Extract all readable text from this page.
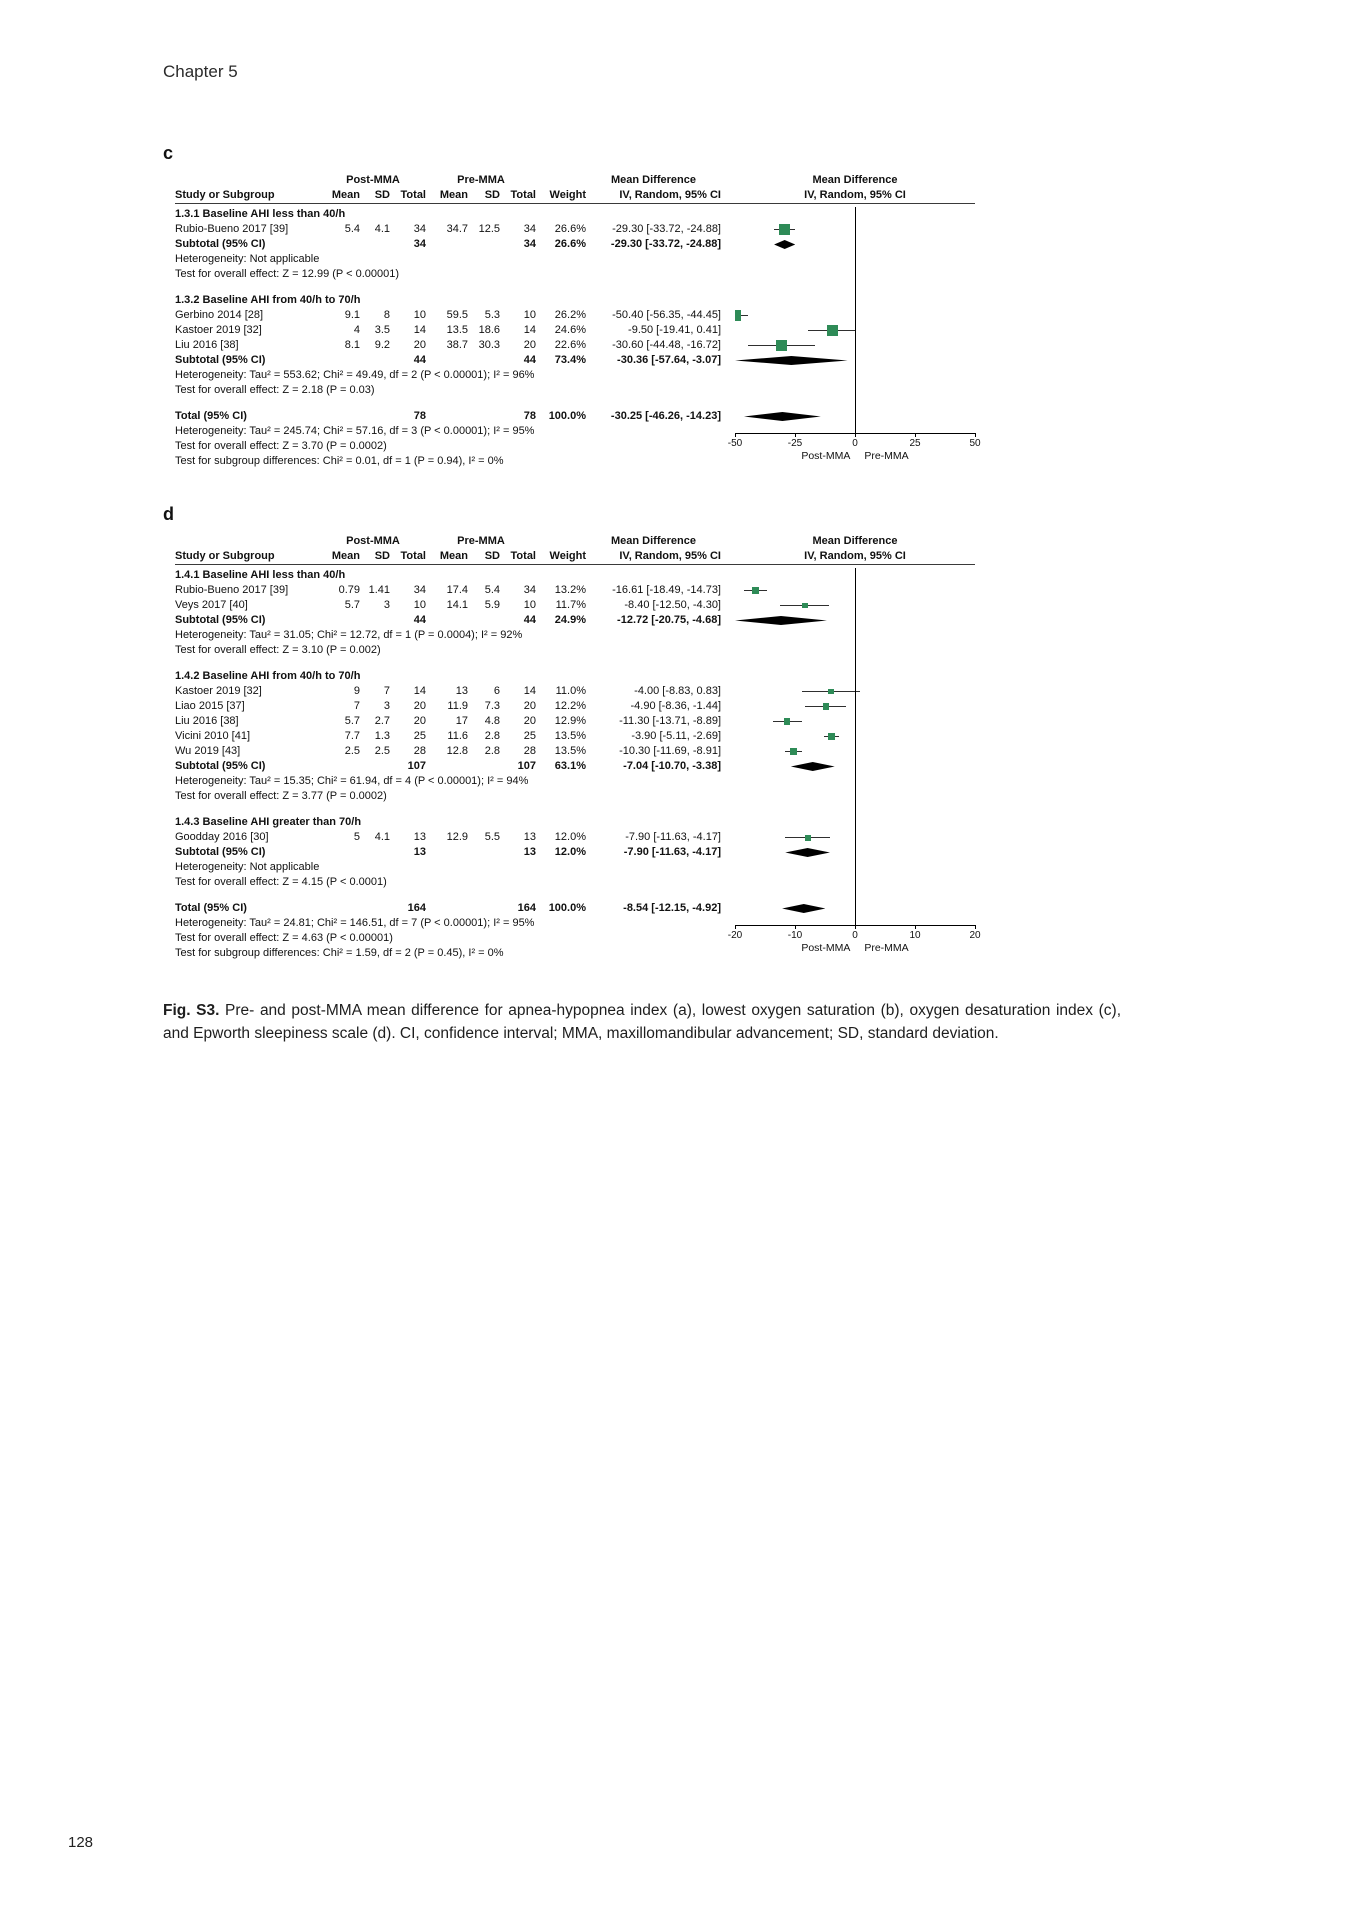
Chapter 5
c
Post-MMA	Pre-MMA	Mean Difference	Mean Difference
Study or Subgroup	Mean	SD Total	Mean	SD Total	Weight	IV, Random, 95% CI	IV, Random, 95% CI
1.3.1 Baseline AHI less than 40/h
Rubio-Bueno 2017 [39]	5.4	4.1	34	34.7 12.5	34	26.6%	-29.30 [-33.72, -24.88]
Subtotal (95% CI)	34	34	26.6%	-29.30 [-33.72, -24.88]
Heterogeneity: Not applicable
Test for overall effect: Z = 12.99 (P < 0.00001)
1.3.2 Baseline AHI from 40/h to 70/h
Gerbino 2014 [28]	9.1	8	10	59.5	5.3	10	26.2%	-50.40 [-56.35, -44.45]
Kastoer 2019 [32]	4	3.5	14	13.5 18.6	14	24.6%	-9.50 [-19.41, 0.41]
Liu 2016 [38]	8.1	9.2	20	38.7 30.3	20	22.6%	-30.60 [-44.48, -16.72]
Subtotal (95% CI)	44	44	73.4%	-30.36 [-57.64, -3.07]
Heterogeneity: Tau² = 553.62; Chi² = 49.49, df = 2 (P < 0.00001); I² = 96%
Test for overall effect: Z = 2.18 (P = 0.03)
Total (95% CI)	78	78	100.0%	-30.25 [-46.26, -14.23]
Heterogeneity: Tau² = 245.74; Chi² = 57.16, df = 3 (P < 0.00001); I² = 95%
Test for overall effect: Z = 3.70 (P = 0.0002)
Test for subgroup differences: Chi² = 0.01, df = 1 (P = 0.94), I² = 0%
-50	-25	0	25	50
Post-MMA Pre-MMA
d
Post-MMA	Pre-MMA	Mean Difference	Mean Difference
Study or Subgroup	Mean	SD Total	Mean	SD Total	Weight	IV, Random, 95% CI	IV, Random, 95% CI
1.4.1 Baseline AHI less than 40/h
Rubio-Bueno 2017 [39]	0.79 1.41	34	17.4	5.4	34	13.2%	-16.61 [-18.49, -14.73]
Veys 2017 [40]	5.7	3	10	14.1	5.9	10	11.7%	-8.40 [-12.50, -4.30]
Subtotal (95% CI)	44	44	24.9%	-12.72 [-20.75, -4.68]
Heterogeneity: Tau² = 31.05; Chi² = 12.72, df = 1 (P = 0.0004); I² = 92%
Test for overall effect: Z = 3.10 (P = 0.002)
1.4.2 Baseline AHI from 40/h to 70/h
Kastoer 2019 [32]	9	7	14	13	6	14	11.0%	-4.00 [-8.83, 0.83]
Liao 2015 [37]	7	3	20	11.9	7.3	20	12.2%	-4.90 [-8.36, -1.44]
Liu 2016 [38]	5.7	2.7	20	17	4.8	20	12.9%	-11.30 [-13.71, -8.89]
Vicini 2010 [41]	7.7	1.3	25	11.6	2.8	25	13.5%	-3.90 [-5.11, -2.69]
Wu 2019 [43]	2.5	2.5	28	12.8	2.8	28	13.5%	-10.30 [-11.69, -8.91]
Subtotal (95% CI)	107	107	63.1%	-7.04 [-10.70, -3.38]
Heterogeneity: Tau² = 15.35; Chi² = 61.94, df = 4 (P < 0.00001); I² = 94%
Test for overall effect: Z = 3.77 (P = 0.0002)
1.4.3 Baseline AHI greater than 70/h
Goodday 2016 [30]	5	4.1	13	12.9	5.5	13	12.0%	-7.90 [-11.63, -4.17]
Subtotal (95% CI)	13	13	12.0%	-7.90 [-11.63, -4.17]
Heterogeneity: Not applicable
Test for overall effect: Z = 4.15 (P < 0.0001)
Total (95% CI)	164	164	100.0%	-8.54 [-12.15, -4.92]
Heterogeneity: Tau² = 24.81; Chi² = 146.51, df = 7 (P < 0.00001); I² = 95%
Test for overall effect: Z = 4.63 (P < 0.00001)
Test for subgroup differences: Chi² = 1.59, df = 2 (P = 0.45), I² = 0%
-20	-10	0	10	20
Post-MMA Pre-MMA

Fig. S3. Pre- and post-MMA mean difference for apnea-hypopnea index (a), lowest oxygen saturation (b), oxygen desaturation index (c), and Epworth sleepiness scale (d). CI, confidence interval; MMA, maxillomandibular advancement; SD, standard deviation.

128
